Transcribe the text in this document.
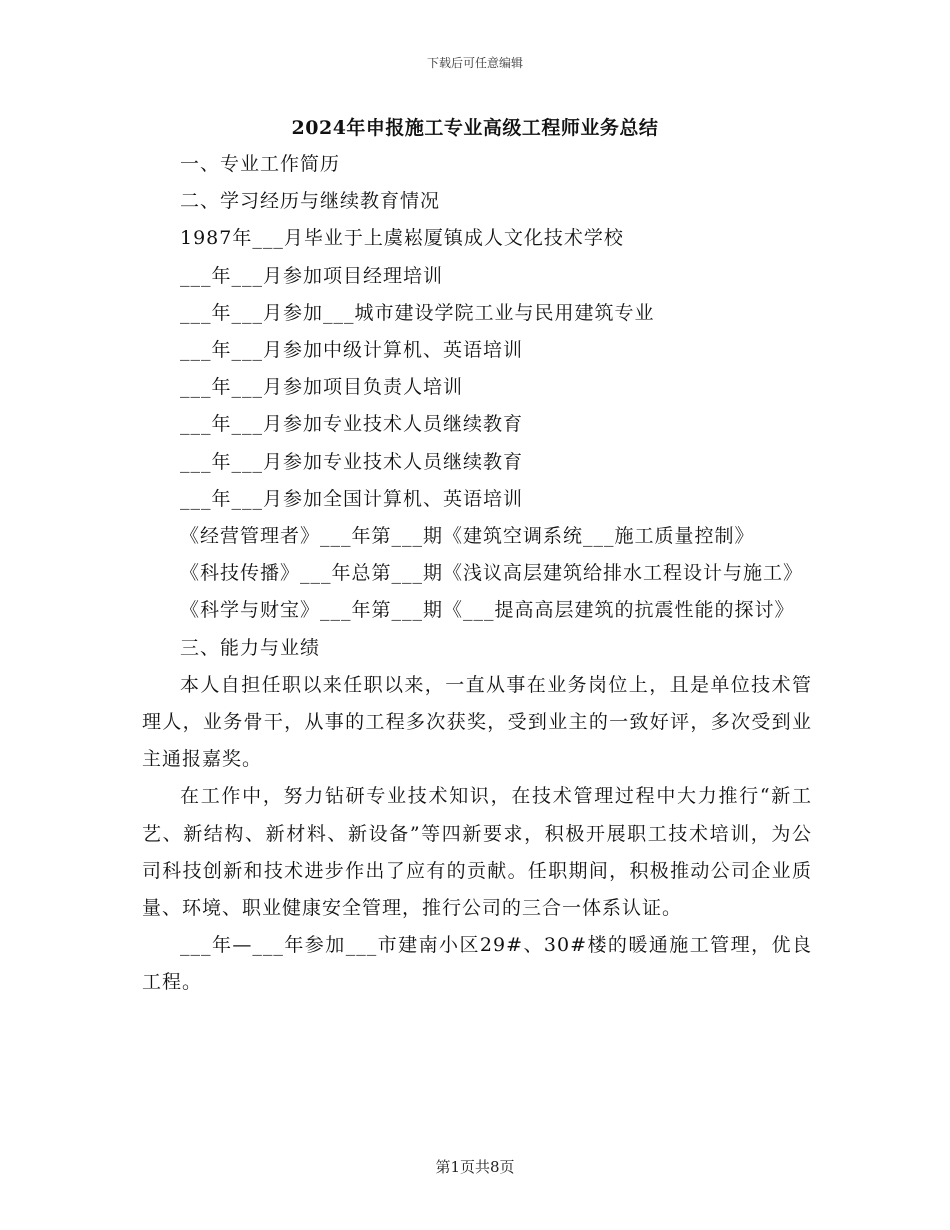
下载后可任意编辑
2024年申报施工专业高级工程师业务总结

一、专业工作简历

二、学习经历与继续教育情况

1987年___月毕业于上虞崧厦镇成人文化技术学校

___年___月参加项目经理培训

___年___月参加___城市建设学院工业与民用建筑专业

___年___月参加中级计算机、英语培训

___年___月参加项目负责人培训

___年___月参加专业技术人员继续教育

___年___月参加专业技术人员继续教育

___年___月参加全国计算机、英语培训

《经营管理者》___年第___期《建筑空调系统___施工质量控制》

《科技传播》___年总第___期《浅议高层建筑给排水工程设计与施工》

《科学与财宝》___年第___期《___提高高层建筑的抗震性能的探讨》

三、能力与业绩

本人自担任职以来任职以来，一直从事在业务岗位上，且是单位技术管理人，业务骨干，从事的工程多次获奖，受到业主的一致好评，多次受到业主通报嘉奖。

在工作中，努力钻研专业技术知识，在技术管理过程中大力推行“新工艺、新结构、新材料、新设备”等四新要求，积极开展职工技术培训，为公司科技创新和技术进步作出了应有的贡献。任职期间，积极推动公司企业质量、环境、职业健康安全管理，推行公司的三合一体系认证。

___年—___年参加___市建南小区29#、30#楼的暖通施工管理，优良工程。

第1页共8页
